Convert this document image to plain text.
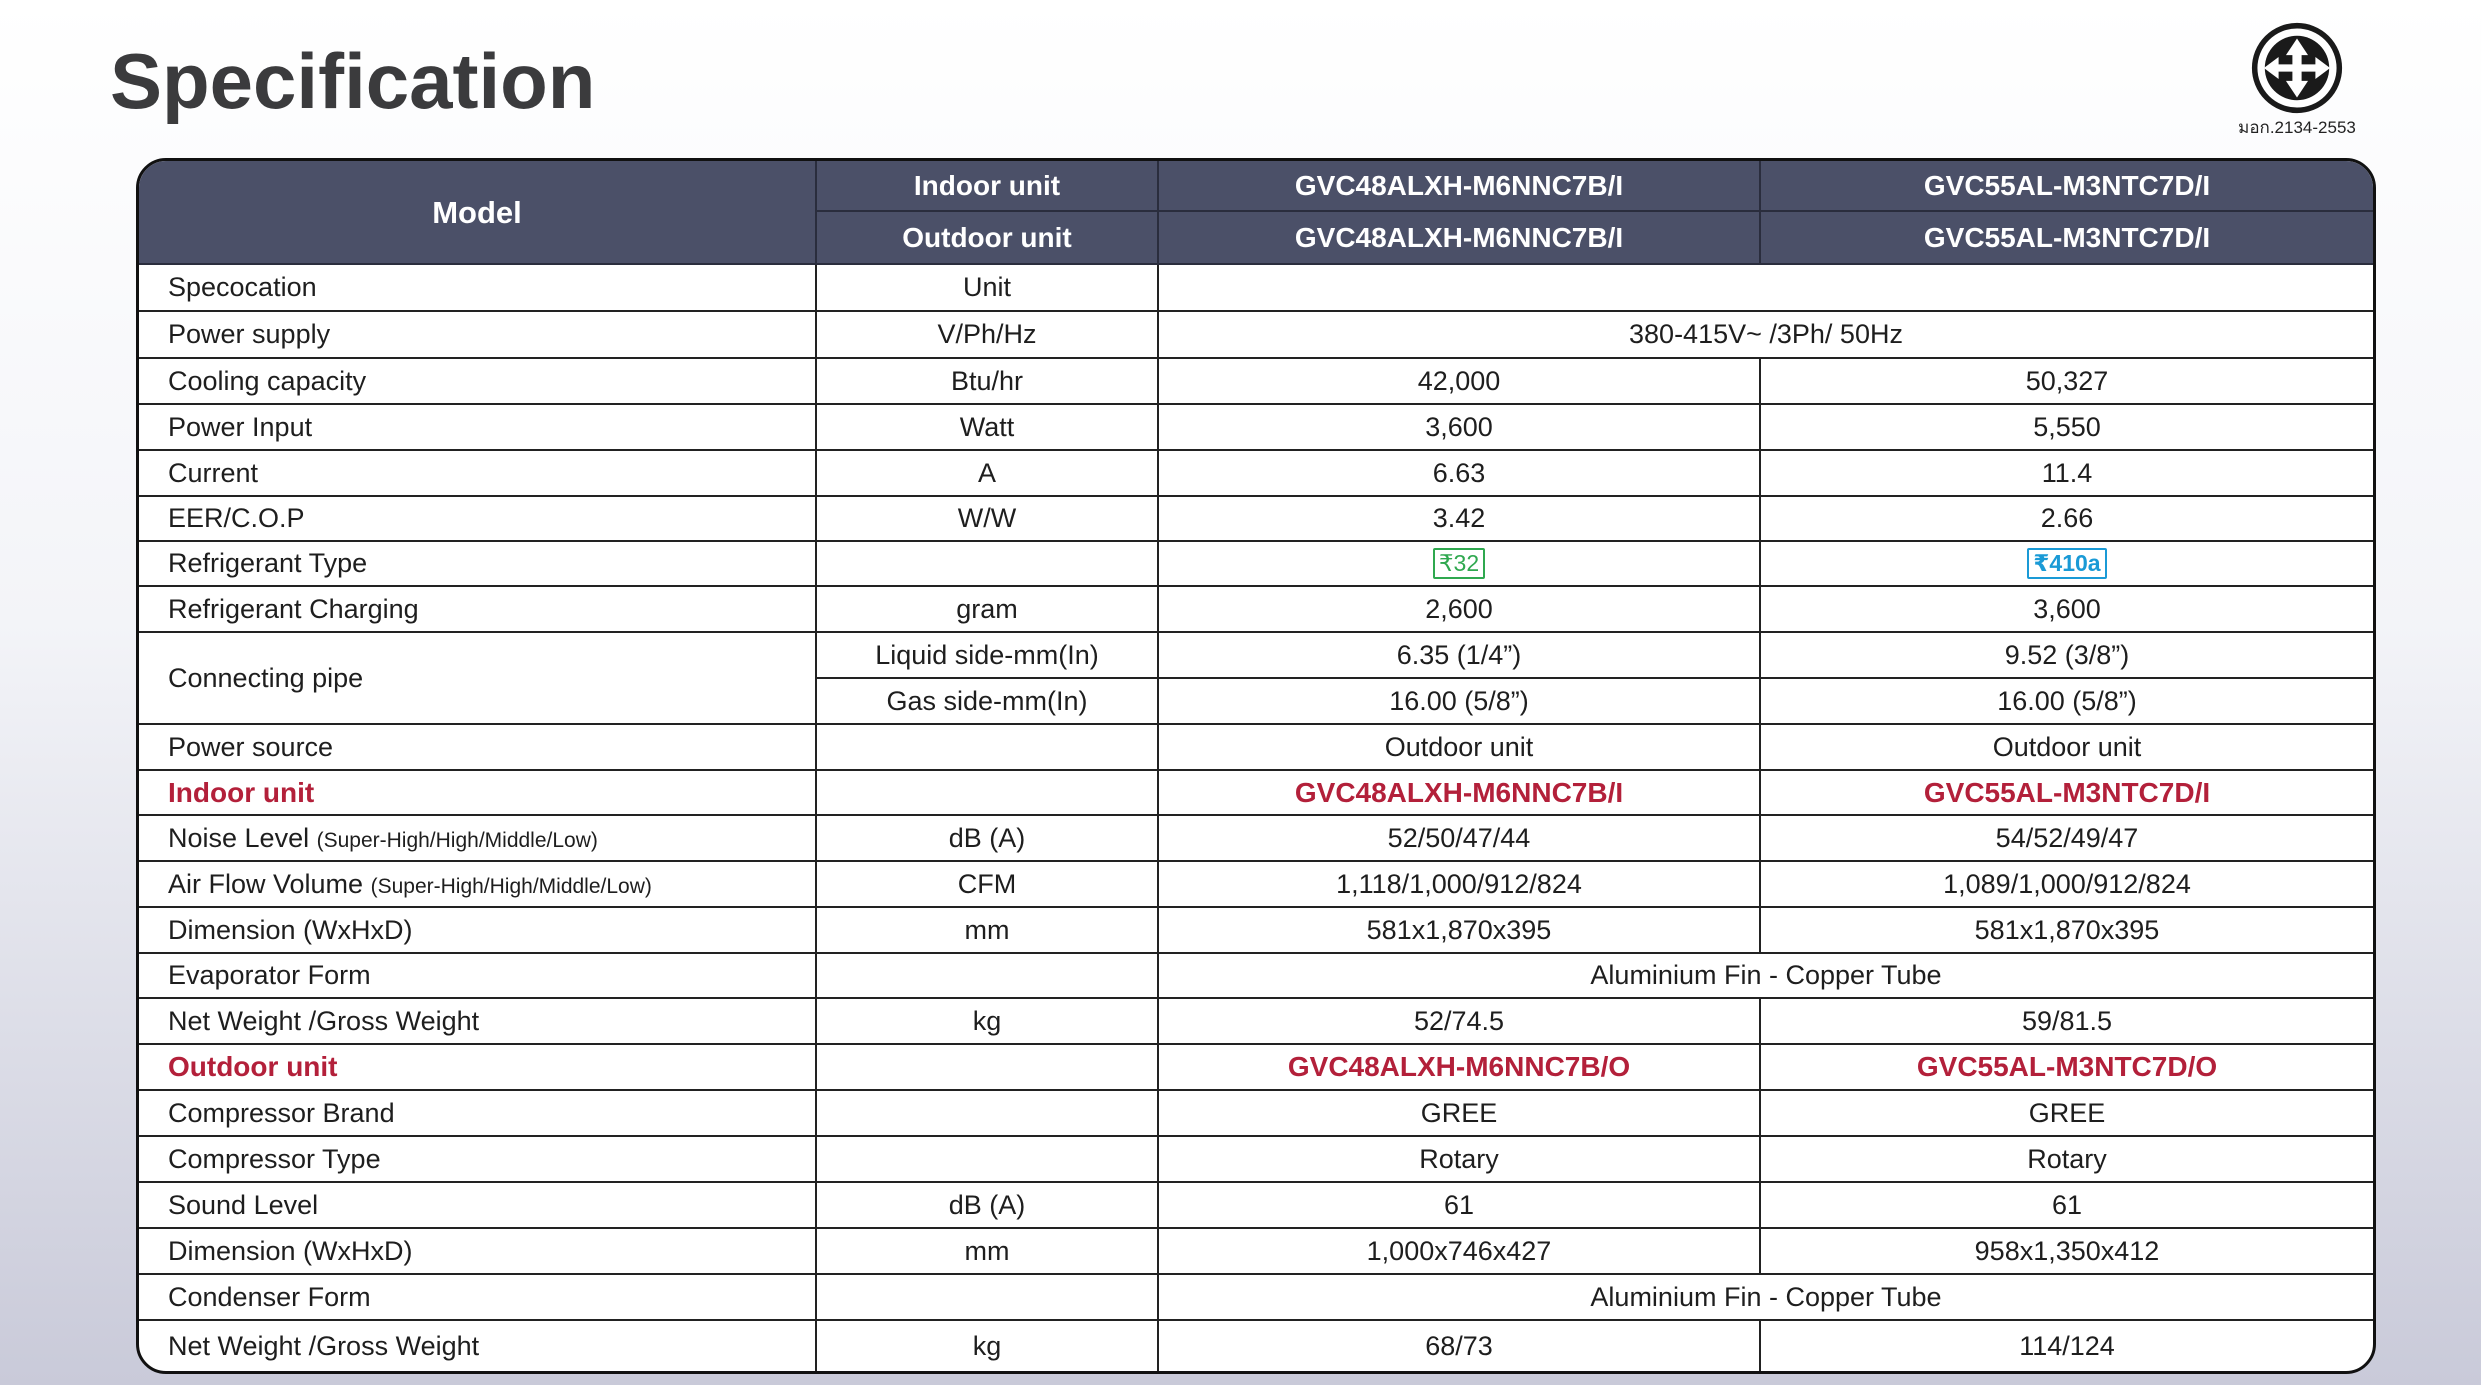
Specification
มอก.2134-2553
Model	Indoor unit	GVC48ALXH-M6NNC7B/I	GVC55AL-M3NTC7D/I
	Outdoor unit	GVC48ALXH-M6NNC7B/I	GVC55AL-M3NTC7D/I
Specocation	Unit		
Power supply	V/Ph/Hz	380-415V~ /3Ph/ 50Hz	
Cooling capacity	Btu/hr	42,000	50,327
Power Input	Watt	3,600	5,550
Current	A	6.63	11.4
EER/C.O.P	W/W	3.42	2.66
Refrigerant Type		₹32	₹410a
Refrigerant Charging	gram	2,600	3,600
Connecting pipe	Liquid side-mm(In)	6.35 (1/4”)	9.52 (3/8”)
	Gas side-mm(In)	16.00 (5/8”)	16.00 (5/8”)
Power source		Outdoor unit	Outdoor unit
Indoor unit		GVC48ALXH-M6NNC7B/I	GVC55AL-M3NTC7D/I
Noise Level (Super-High/High/Middle/Low)	dB (A)	52/50/47/44	54/52/49/47
Air Flow Volume (Super-High/High/Middle/Low)	CFM	1,118/1,000/912/824	1,089/1,000/912/824
Dimension (WxHxD)	mm	581x1,870x395	581x1,870x395
Evaporator Form		Aluminium Fin - Copper Tube	
Net Weight /Gross Weight	kg	52/74.5	59/81.5
Outdoor unit		GVC48ALXH-M6NNC7B/O	GVC55AL-M3NTC7D/O
Compressor Brand		GREE	GREE
Compressor Type		Rotary	Rotary
Sound Level	dB (A)	61	61
Dimension (WxHxD)	mm	1,000x746x427	958x1,350x412
Condenser Form		Aluminium Fin - Copper Tube	
Net Weight /Gross Weight	kg	68/73	114/124
